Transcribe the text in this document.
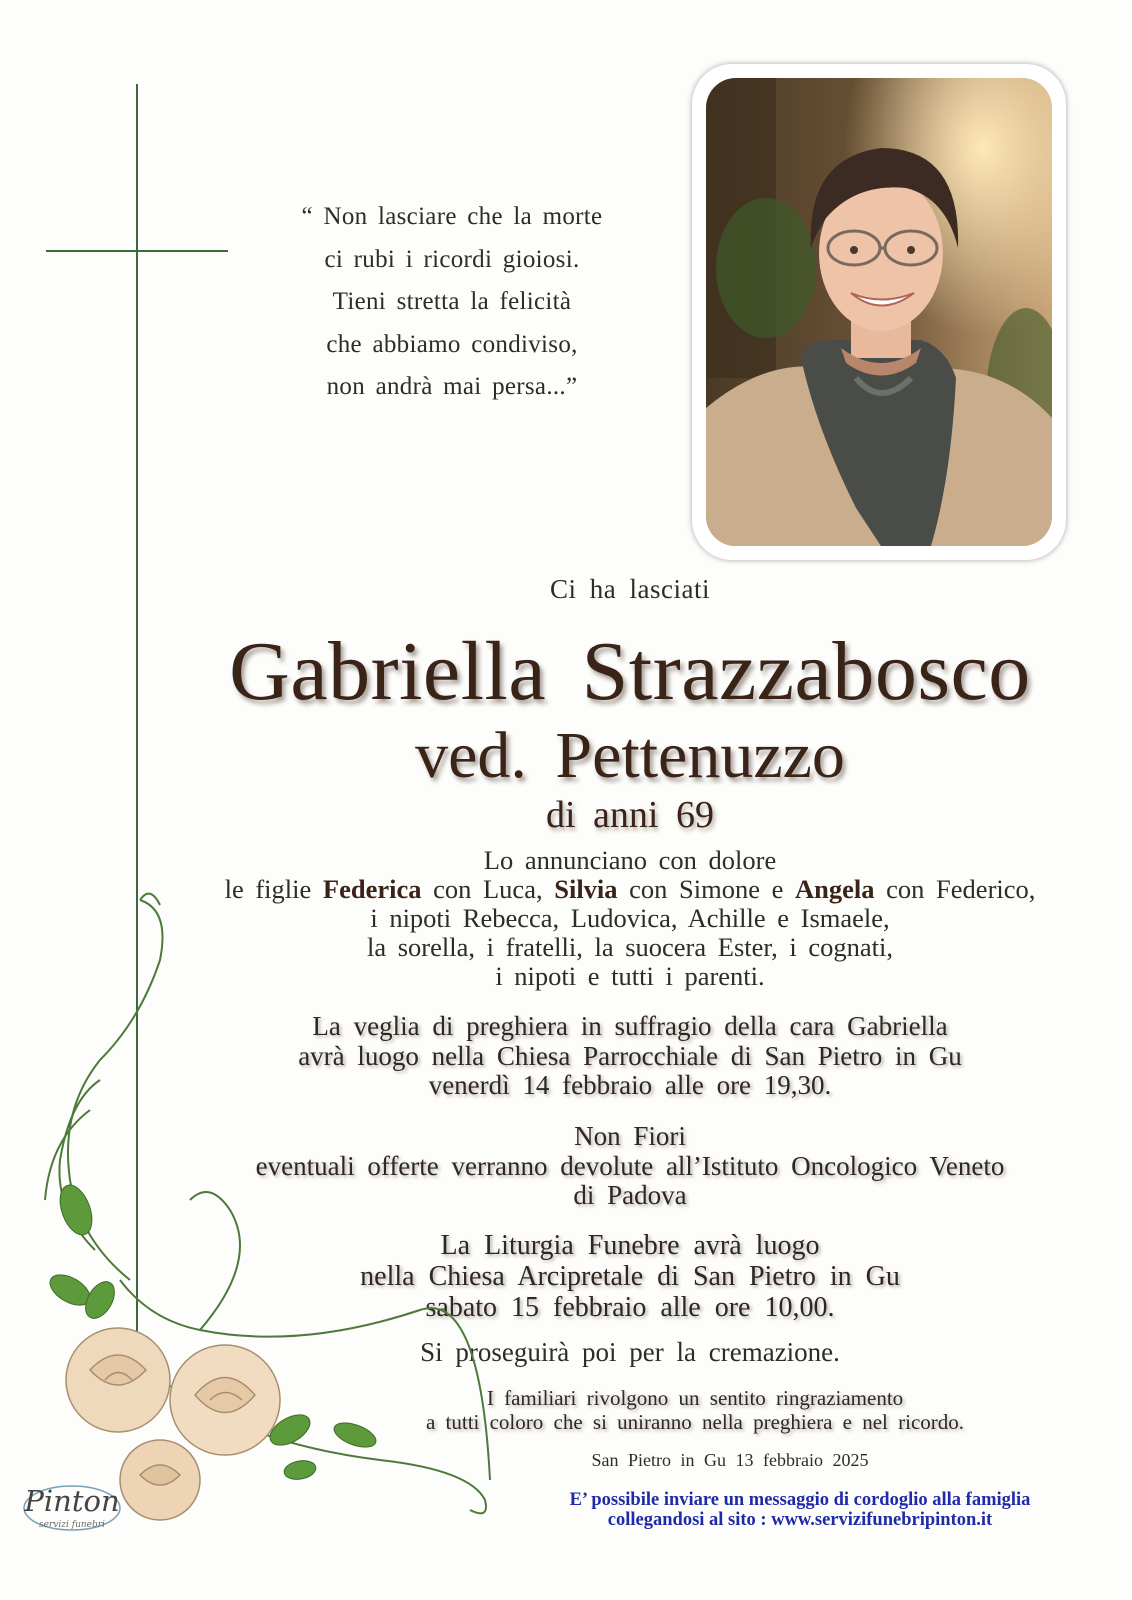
“ Non lasciare che la morte
ci rubi i ricordi gioiosi.
Tieni stretta la felicità
che abbiamo condiviso,
non andrà mai persa...”
Ci ha lasciati
Gabriella Strazzabosco
ved. Pettenuzzo
di anni 69
Lo annunciano con dolore
le figlie Federica con Luca, Silvia con Simone e Angela con Federico,
i nipoti Rebecca, Ludovica, Achille e Ismaele,
la sorella, i fratelli, la suocera Ester, i cognati,
i nipoti e tutti i parenti.
La veglia di preghiera in suffragio della cara Gabriella
avrà luogo nella Chiesa Parrocchiale di San Pietro in Gu
venerdì 14 febbraio alle ore 19,30.
Non Fiori
eventuali offerte verranno devolute all’Istituto Oncologico Veneto
di Padova
La Liturgia Funebre avrà luogo
nella Chiesa Arcipretale di San Pietro in Gu
sabato 15 febbraio alle ore 10,00.
Si proseguirà poi per la cremazione.
I familiari rivolgono un sentito ringraziamento
a tutti coloro che si uniranno nella preghiera e nel ricordo.
San Pietro in Gu 13 febbraio 2025
E’ possibile inviare un messaggio di cordoglio alla famiglia
collegandosi al sito : www.servizifunebripinton.it
Pinton
servizi funebri
